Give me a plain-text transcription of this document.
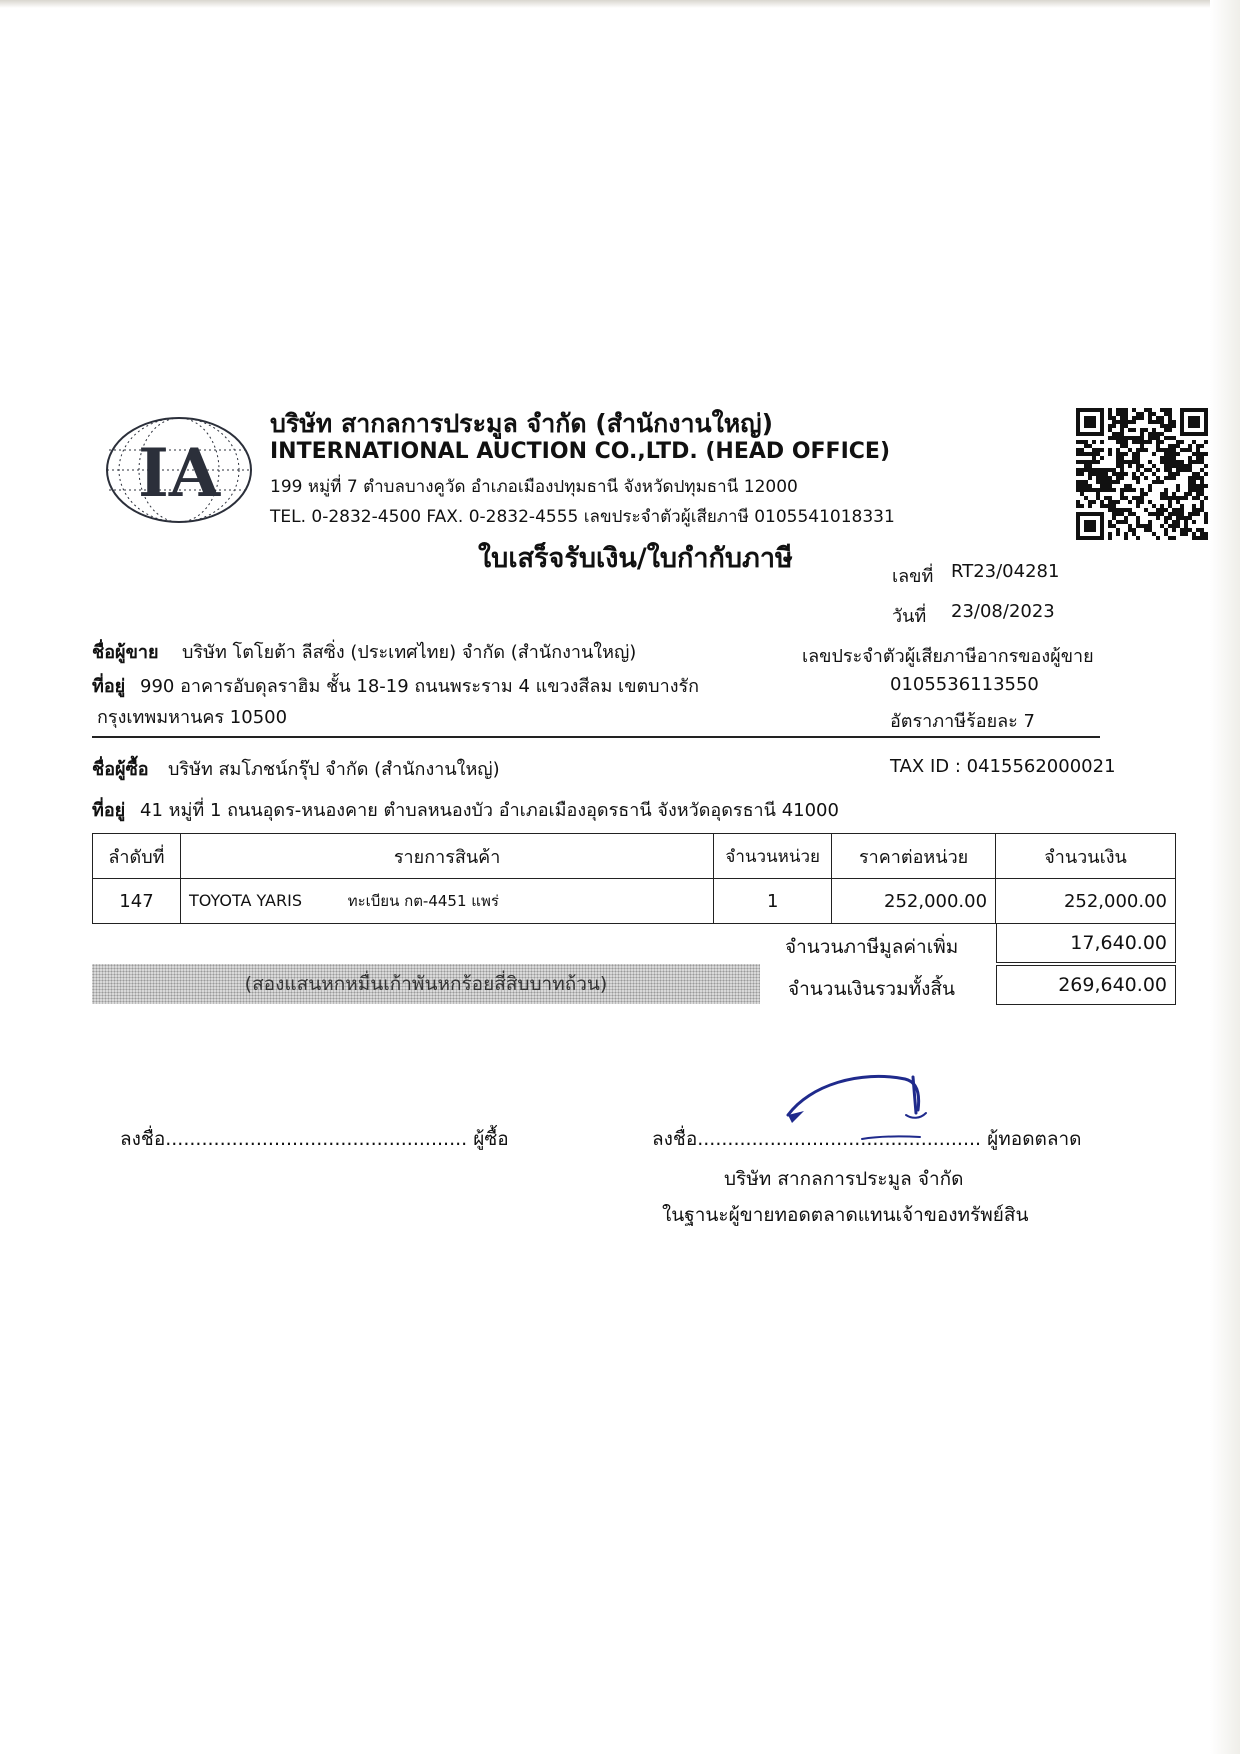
IA
บริษัท สากลการประมูล จำกัด (สำนักงานใหญ่)
INTERNATIONAL AUCTION CO.,LTD. (HEAD OFFICE)
199 หมู่ที่ 7 ตำบลบางคูวัด อำเภอเมืองปทุมธานี จังหวัดปทุมธานี 12000
TEL. 0-2832-4500 FAX. 0-2832-4555 เลขประจำตัวผู้เสียภาษี 0105541018331
ใบเสร็จรับเงิน/ใบกำกับภาษี
เลขที่ RT23/04281
วันที่ 23/08/2023
ชื่อผู้ขาย บริษัท โตโยต้า ลีสซิ่ง (ประเทศไทย) จำกัด (สำนักงานใหญ่)
ที่อยู่ 990 อาคารอับดุลราฮิม ชั้น 18-19 ถนนพระราม 4 แขวงสีลม เขตบางรัก
กรุงเทพมหานคร 10500
เลขประจำตัวผู้เสียภาษีอากรของผู้ขาย
0105536113550
อัตราภาษีร้อยละ 7
ชื่อผู้ซื้อ บริษัท สมโภชน์กรุ๊ป จำกัด (สำนักงานใหญ่)	TAX ID : 0415562000021
ที่อยู่ 41 หมู่ที่ 1 ถนนอุดร-หนองคาย ตำบลหนองบัว อำเภอเมืองอุดรธานี จังหวัดอุดรธานี 41000
ลำดับที่	รายการสินค้า	จำนวนหน่วย	ราคาต่อหน่วย	จำนวนเงิน
147	TOYOTA YARIS ทะเบียน กต-4451 แพร่	1	252,000.00	252,000.00
จำนวนภาษีมูลค่าเพิ่ม	17,640.00
จำนวนเงินรวมทั้งสิ้น	269,640.00
(สองแสนหกหมื่นเก้าพันหกร้อยสี่สิบบาทถ้วน)
ลงชื่อ.................................................. ผู้ซื้อ	ลงชื่อ............................................... ผู้ทอดตลาด
บริษัท สากลการประมูล จำกัด
ในฐานะผู้ขายทอดตลาดแทนเจ้าของทรัพย์สิน
